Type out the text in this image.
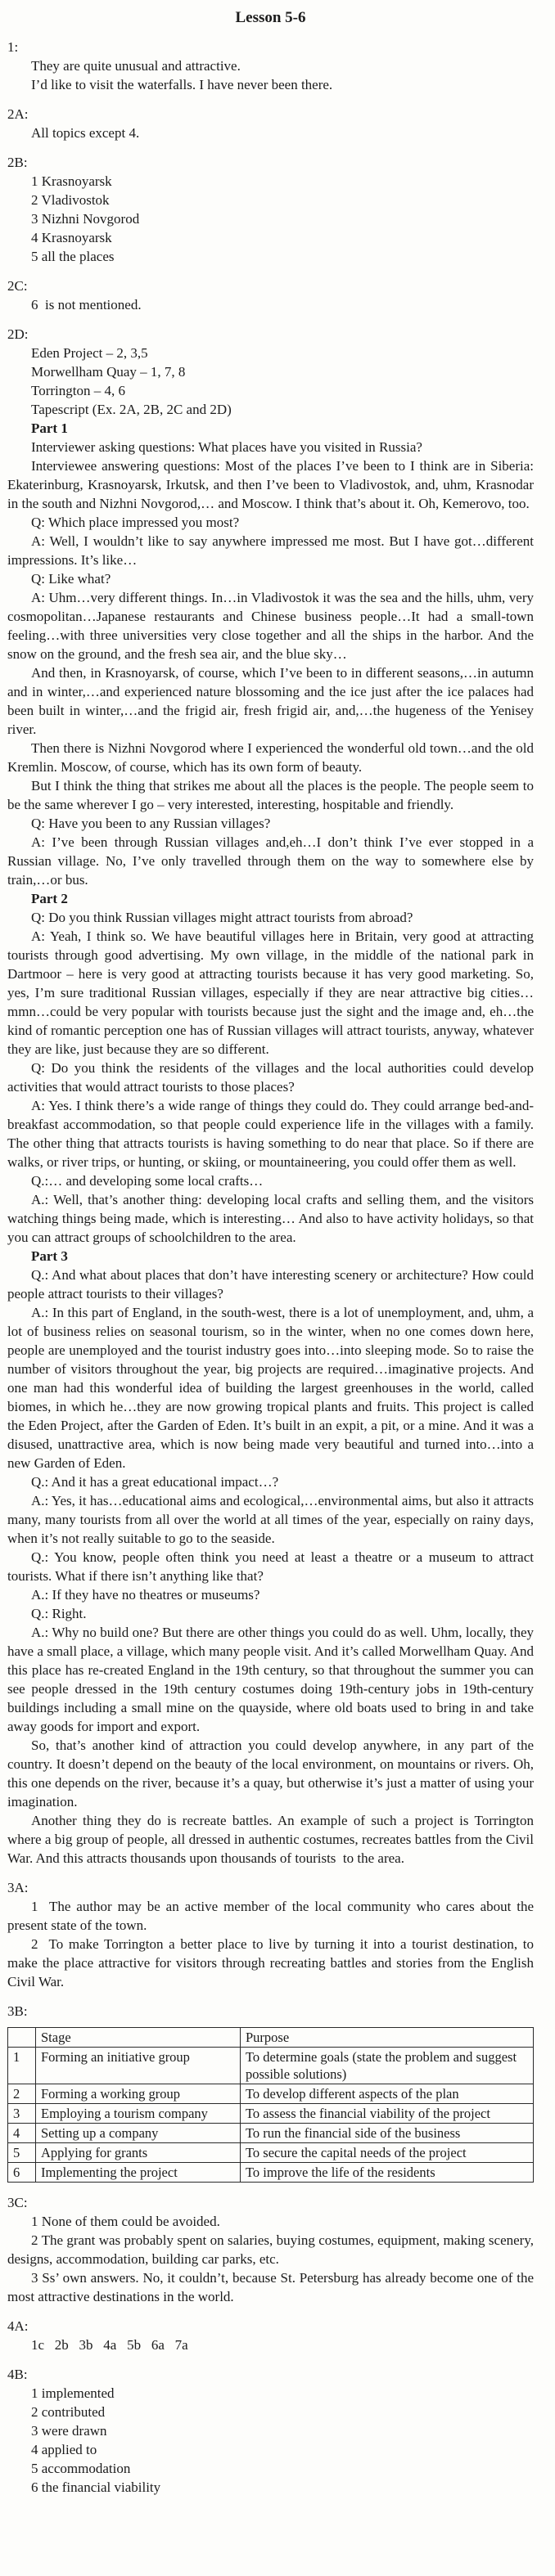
Lesson 5-6
1:
They are quite unusual and attractive.
I’d like to visit the waterfalls. I have never been there.
2A:
All topics except 4.
2B:
1 Krasnoyarsk
2 Vladivostok
3 Nizhni Novgorod
4 Krasnoyarsk
5 all the places
2C:
6  is not mentioned.
2D:
Eden Project – 2, 3,5
Morwellham Quay – 1, 7, 8
Torrington – 4, 6
Tapescript (Ex. 2A, 2B, 2C and 2D)
Part 1

Interviewer asking questions: What places have you visited in Russia?

Interviewee answering questions: Most of the places I’ve been to I think are in Siberia: Ekaterinburg, Krasnoyarsk, Irkutsk, and then I’ve been to Vladivostok, and, uhm, Krasnodar in the south and Nizhni Novgorod,… and Moscow. I think that’s about it. Oh, Kemerovo, too.

Q: Which place impressed you most?

A: Well, I wouldn’t like to say anywhere impressed me most. But I have got…different impressions. It’s like…

Q: Like what?

A: Uhm…very different things. In…in Vladivostok it was the sea and the hills, uhm, very cosmopolitan…Japanese restaurants and Chinese business people…It had a small-town feeling…with three universities very close together and all the ships in the harbor. And the snow on the ground, and the fresh sea air, and the blue sky…

And then, in Krasnoyarsk, of course, which I’ve been to in different seasons,…in autumn and in winter,…and experienced nature blossoming and the ice just after the ice palaces had been built in winter,…and the frigid air, fresh frigid air, and,…the hugeness of the Yenisey river.

Then there is Nizhni Novgorod where I experienced the wonderful old town…and the old Kremlin. Moscow, of course, which has its own form of beauty.

But I think the thing that strikes me about all the places is the people. The people seem to be the same wherever I go – very interested, interesting, hospitable and friendly.

Q: Have you been to any Russian villages?

A: I’ve been through Russian villages and,eh…I don’t think I’ve ever stopped in a Russian village. No, I’ve only travelled through them on the way to somewhere else by train,…or bus.

Part 2

Q: Do you think Russian villages might attract tourists from abroad?

A: Yeah, I think so. We have beautiful villages here in Britain, very good at attracting tourists through good advertising. My own village, in the middle of the national park in Dartmoor – here is very good at attracting tourists because it has very good marketing. So, yes, I’m sure traditional Russian villages, especially if they are near attractive big cities…mmn…could be very popular with tourists because just the sight and the image and, eh…the kind of romantic perception one has of Russian villages will attract tourists, anyway, whatever they are like, just because they are so different.

Q: Do you think the residents of the villages and the local authorities could develop activities that would attract tourists to those places?

A: Yes. I think there’s a wide range of things they could do. They could arrange bed-and-breakfast accommodation, so that people could experience life in the villages with a family. The other thing that attracts tourists is having something to do near that place. So if there are walks, or river trips, or hunting, or skiing, or mountaineering, you could offer them as well.

Q.:… and developing some local crafts…

A.: Well, that’s another thing: developing local crafts and selling them, and the visitors watching things being made, which is interesting… And also to have activity holidays, so that you can attract groups of schoolchildren to the area.

Part 3

Q.: And what about places that don’t have interesting scenery or architecture? How could people attract tourists to their villages?

A.: In this part of England, in the south-west, there is a lot of unemployment, and, uhm, a lot of business relies on seasonal tourism, so in the winter, when no one comes down here, people are unemployed and the tourist industry goes into…into sleeping mode. So to raise the number of visitors throughout the year, big projects are required…imaginative projects. And one man had this wonderful idea of building the largest greenhouses in the world, called biomes, in which he…they are now growing tropical plants and fruits. This project is called the Eden Project, after the Garden of Eden. It’s built in an expit, a pit, or a mine. And it was a disused, unattractive area, which is now being made very beautiful and turned into…into a new Garden of Eden.

Q.: And it has a great educational impact…?

A.: Yes, it has…educational aims and ecological,…environmental aims, but also it attracts many, many tourists from all over the world at all times of the year, especially on rainy days, when it’s not really suitable to go to the seaside.

Q.: You know, people often think you need at least a theatre or a museum to attract  tourists. What if there isn’t anything like that?

A.: If they have no theatres or museums?

Q.: Right.

A.: Why no build one? But there are other things you could do as well. Uhm, locally, they have a small place, a village, which many people visit. And it’s called Morwellham Quay. And this place has re-created England in the 19th century, so that throughout the summer you can see people dressed in the 19th century costumes doing 19th-century jobs in 19th-century buildings including a small mine on the quayside, where old boats used to bring in and take away goods for import and export.

So, that’s another kind of attraction you could develop anywhere, in any part of the country. It doesn’t depend on the beauty of the local environment, on mountains or rivers. Oh, this one depends on the river, because it’s a quay, but otherwise it’s just a matter of using your imagination.

Another thing they do is recreate battles. An example of such a project is Torrington where a big group of people, all dressed in authentic costumes, recreates battles from the Civil War. And this attracts thousands upon thousands of tourists  to the area.

3A:

1  The author may be an active member of the local community who cares about the present state of the town.

2  To make Torrington a better place to live by turning it into a tourist destination, to make the place attractive for visitors through recreating battles and stories from the English Civil War.

3B:
	Stage	Purpose
1	Forming an initiative group	To determine goals (state the problem and suggest possible solutions)
2	Forming a working group	To develop different aspects of the plan
3	Employing a tourism company	To assess the financial viability of the project
4	Setting up a company	To run the financial side of the business
5	Applying for grants	To secure the capital needs of the project
6	Implementing the project	To improve the life of the residents
3C:

1 None of them could be avoided.

2 The grant was probably spent on salaries, buying costumes, equipment, making scenery, designs, accommodation, building car parks, etc.

3 Ss’ own answers. No, it couldn’t, because St. Petersburg has already become one of the most attractive destinations in the world.

4A:
1c   2b   3b   4a   5b   6a   7a
4B:
1 implemented
2 contributed
3 were drawn
4 applied to
5 accommodation
6 the financial viability
